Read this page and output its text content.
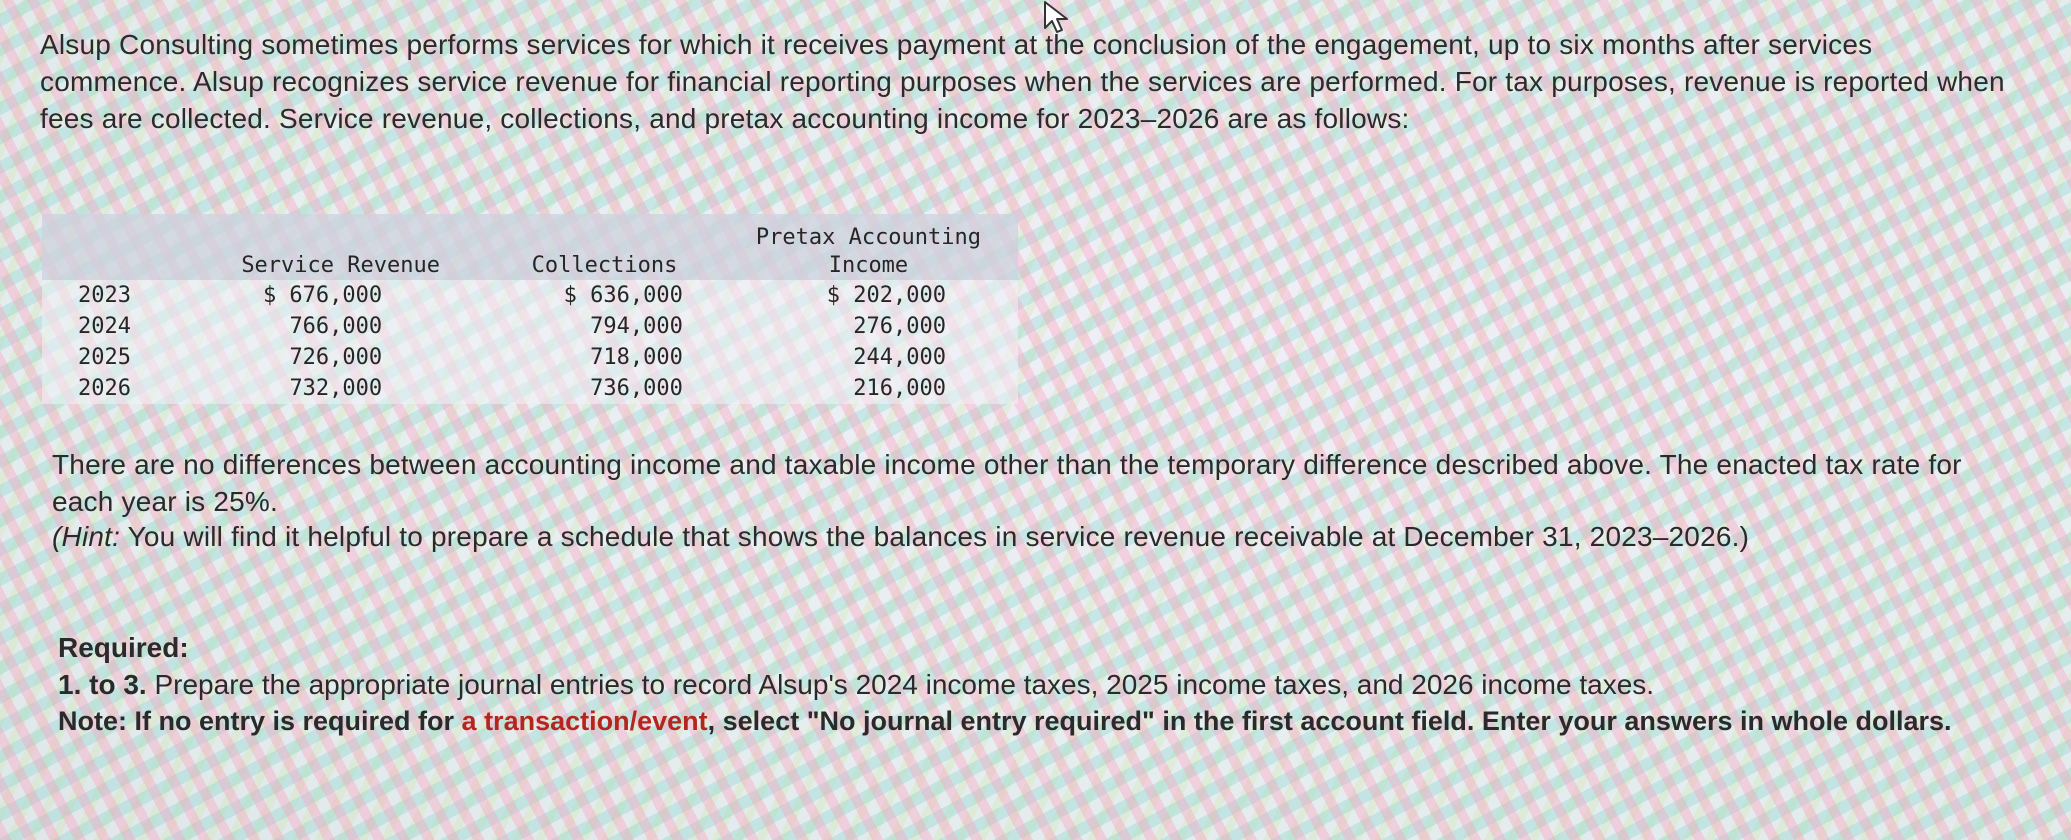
Alsup Consulting sometimes performs services for which it receives payment at the conclusion of the engagement, up to six months after services commence. Alsup recognizes service revenue for financial reporting purposes when the services are performed. For tax purposes, revenue is reported when fees are collected. Service revenue, collections, and pretax accounting income for 2023–2026 are as follows:

	Service Revenue	Collections	Pretax Accounting
Income
2023	$ 676,000	$ 636,000	$ 202,000
2024	766,000	794,000	276,000
2025	726,000	718,000	244,000
2026	732,000	736,000	216,000

There are no differences between accounting income and taxable income other than the temporary difference described above. The enacted tax rate for each year is 25%.

(Hint: You will find it helpful to prepare a schedule that shows the balances in service revenue receivable at December 31, 2023–2026.)

Required:

1. to 3. Prepare the appropriate journal entries to record Alsup's 2024 income taxes, 2025 income taxes, and 2026 income taxes.

Note: If no entry is required for a transaction/event, select "No journal entry required" in the first account field. Enter your answers in whole dollars.
